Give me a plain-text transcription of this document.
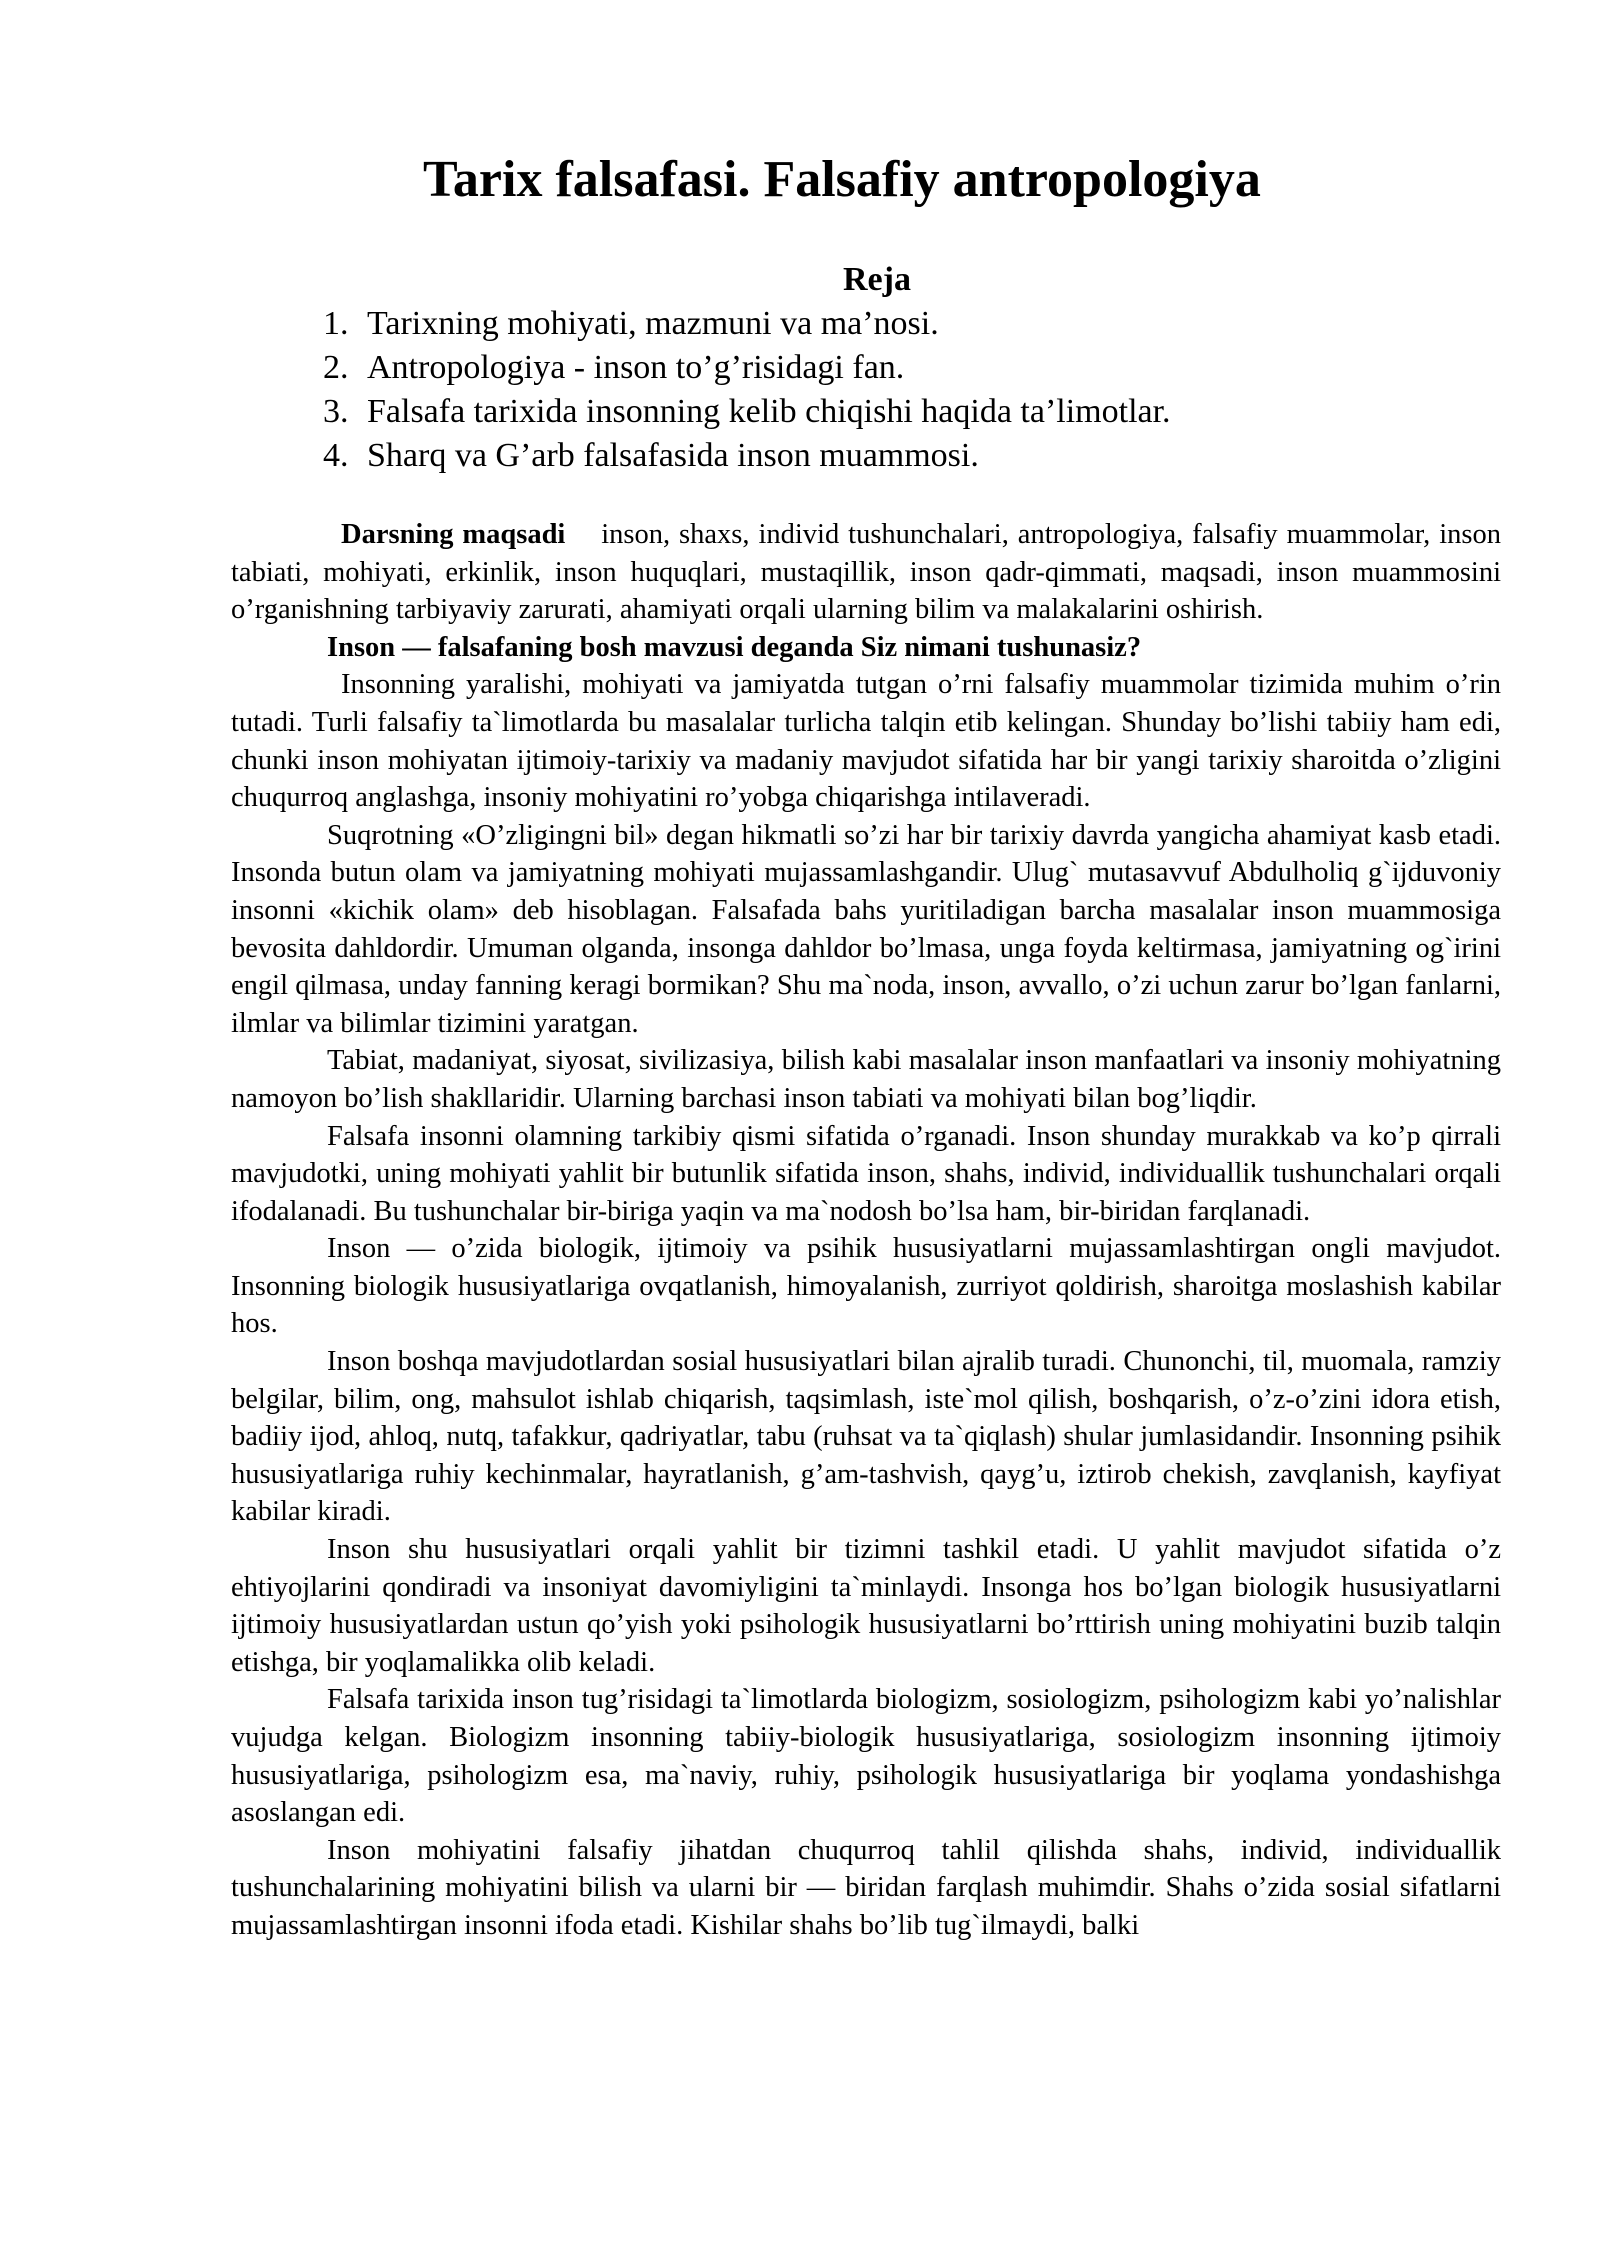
Tarix falsafasi. Falsafiy antropologiya
Reja
1. Tarixning mohiyati, mazmuni va ma’nosi.
2. Antropologiya - inson to’g’risidagi fan.
3. Falsafa tarixida insonning kelib chiqishi haqida ta’limotlar.
4. Sharq va G’arb falsafasida inson muammosi.

Darsning maqsadi inson, shaxs, individ tushunchalari, antropologiya, falsafiy muammolar, inson tabiati, mohiyati, erkinlik, inson huquqlari, mustaqillik, inson qadr-qimmati, maqsadi, inson muammosini o’rganishning tarbiyaviy zarurati, ahamiyati orqali ularning bilim va malakalarini oshirish.

Inson — falsafaning bosh mavzusi deganda Siz nimani tushunasiz?

Insonning yaralishi, mohiyati va jamiyatda tutgan o’rni falsafiy muammolar tizimida muhim o’rin tutadi. Turli falsafiy ta`limotlarda bu masalalar turlicha talqin etib kelingan. Shunday bo’lishi tabiiy ham edi, chunki inson mohiyatan ijtimoiy-tarixiy va madaniy mavjudot sifatida har bir yangi tarixiy sharoitda o’zligini chuqurroq anglashga, insoniy mohiyatini ro’yobga chiqarishga intilaveradi.

Suqrotning «O’zligingni bil» degan hikmatli so’zi har bir tarixiy davrda yangicha ahamiyat kasb etadi. Insonda butun olam va jamiyatning mohiyati mujassamlashgandir. Ulug` mutasavvuf Abdulholiq g`ijduvoniy insonni «kichik olam» deb hisoblagan. Falsafada bahs yuritiladigan barcha masalalar inson muammosiga bevosita dahldordir. Umuman olganda, insonga dahldor bo’lmasa, unga foyda keltirmasa, jamiyatning og`irini engil qilmasa, unday fanning keragi bormikan? Shu ma`noda, inson, avvallo, o’zi uchun zarur bo’lgan fanlarni, ilmlar va bilimlar tizimini yaratgan.

Tabiat, madaniyat, siyosat, sivilizasiya, bilish kabi masalalar inson manfaatlari va insoniy mohiyatning namoyon bo’lish shakllaridir. Ularning barchasi inson tabiati va mohiyati bilan bog’liqdir.

Falsafa insonni olamning tarkibiy qismi sifatida o’rganadi. Inson shunday murakkab va ko’p qirrali mavjudotki, uning mohiyati yahlit bir butunlik sifatida inson, shahs, individ, individuallik tushunchalari orqali ifodalanadi. Bu tushunchalar bir-biriga yaqin va ma`nodosh bo’lsa ham, bir-biridan farqlanadi.

Inson — o’zida biologik, ijtimoiy va psihik hususiyatlarni mujassamlashtirgan ongli mavjudot. Insonning biologik hususiyatlariga ovqatlanish, himoyalanish, zurriyot qoldirish, sharoitga moslashish kabilar hos.

Inson boshqa mavjudotlardan sosial hususiyatlari bilan ajralib turadi. Chunonchi, til, muomala, ramziy belgilar, bilim, ong, mahsulot ishlab chiqarish, taqsimlash, iste`mol qilish, boshqarish, o’z-o’zini idora etish, badiiy ijod, ahloq, nutq, tafakkur, qadriyatlar, tabu (ruhsat va ta`qiqlash) shular jumlasidandir. Insonning psihik hususiyatlariga ruhiy kechinmalar, hayratlanish, g’am-tashvish, qayg’u, iztirob chekish, zavqlanish, kayfiyat kabilar kiradi.

Inson shu hususiyatlari orqali yahlit bir tizimni tashkil etadi. U yahlit mavjudot sifatida o’z ehtiyojlarini qondiradi va insoniyat davomiyligini ta`minlaydi. Insonga hos bo’lgan biologik hususiyatlarni ijtimoiy hususiyatlardan ustun qo’yish yoki psihologik hususiyatlarni bo’rttirish uning mohiyatini buzib talqin etishga, bir yoqlamalikka olib keladi.

Falsafa tarixida inson tug’risidagi ta`limotlarda biologizm, sosiologizm, psihologizm kabi yo’nalishlar vujudga kelgan. Biologizm insonning tabiiy-biologik hususiyatlariga, sosiologizm insonning ijtimoiy hususiyatlariga, psihologizm esa, ma`naviy, ruhiy, psihologik hususiyatlariga bir yoqlama yondashishga asoslangan edi.

Inson mohiyatini falsafiy jihatdan chuqurroq tahlil qilishda shahs, individ, individuallik tushunchalarining mohiyatini bilish va ularni bir — biridan farqlash muhimdir. Shahs o’zida sosial sifatlarni mujassamlashtirgan insonni ifoda etadi. Kishilar shahs bo’lib tug`ilmaydi, balki
